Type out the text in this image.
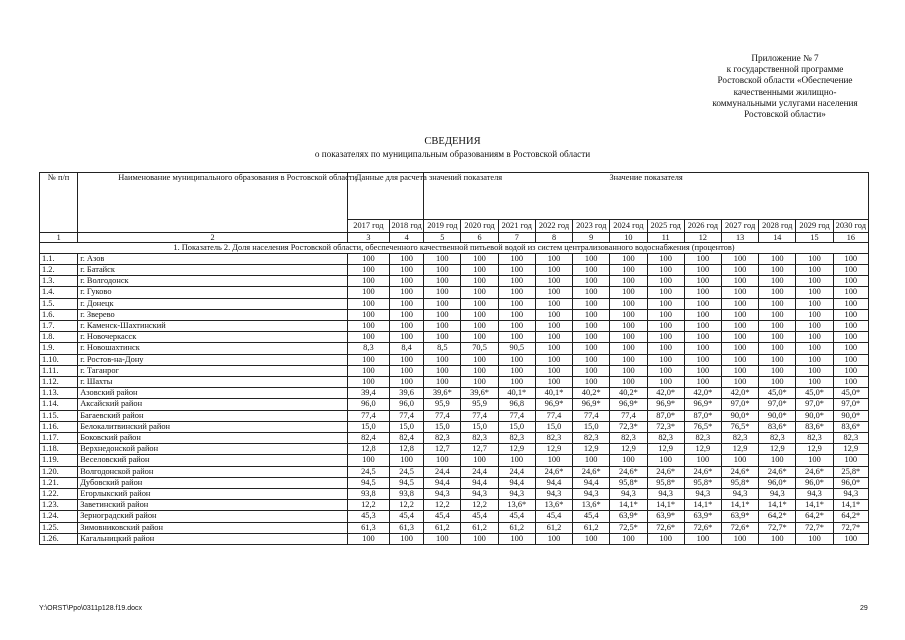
Приложение № 7
к государственной программе
Ростовской области «Обеспечение
качественными жилищно-
коммунальными услугами населения
Ростовской области»
СВЕДЕНИЯ
о показателях по муниципальным образованиям в Ростовской области
№ п/п	Наименование муниципального образования в Ростовской области	Данные для расчета значений показателя		Значение показателя											
		2017 год	2018 год	2019 год	2020 год	2021 год	2022 год	2023 год	2024 год	2025 год	2026 год	2027 год	2028 год	2029 год	2030 год
1	2	3	4	5	6	7	8	9	10	11	12	13	14	15	16
1. Показатель 2. Доля населения Ростовской области, обеспеченного качественной питьевой водой из систем централизованного водоснабжения (процентов)															
1.1.	г. Азов	100	100	100	100	100	100	100	100	100	100	100	100	100	100
1.2.	г. Батайск	100	100	100	100	100	100	100	100	100	100	100	100	100	100
1.3.	г. Волгодонск	100	100	100	100	100	100	100	100	100	100	100	100	100	100
1.4.	г. Гуково	100	100	100	100	100	100	100	100	100	100	100	100	100	100
1.5.	г. Донецк	100	100	100	100	100	100	100	100	100	100	100	100	100	100
1.6.	г. Зверево	100	100	100	100	100	100	100	100	100	100	100	100	100	100
1.7.	г. Каменск-Шахтинский	100	100	100	100	100	100	100	100	100	100	100	100	100	100
1.8.	г. Новочеркасск	100	100	100	100	100	100	100	100	100	100	100	100	100	100
1.9.	г. Новошахтинск	8,3	8,4	8,5	70,5	90,5	100	100	100	100	100	100	100	100	100
1.10.	г. Ростов-на-Дону	100	100	100	100	100	100	100	100	100	100	100	100	100	100
1.11.	г. Таганрог	100	100	100	100	100	100	100	100	100	100	100	100	100	100
1.12.	г. Шахты	100	100	100	100	100	100	100	100	100	100	100	100	100	100
1.13.	Азовский район	39,4	39,6	39,6*	39,6*	40,1*	40,1*	40,2*	40,2*	42,0*	42,0*	42,0*	45,0*	45,0*	45,0*
1.14.	Аксайский район	96,0	96,0	95,9	95,9	96,8	96,9*	96,9*	96,9*	96,9*	96,9*	97,0*	97,0*	97,0*	97,0*
1.15.	Багаевский район	77,4	77,4	77,4	77,4	77,4	77,4	77,4	77,4	87,0*	87,0*	90,0*	90,0*	90,0*	90,0*
1.16.	Белокалитвинский район	15,0	15,0	15,0	15,0	15,0	15,0	15,0	72,3*	72,3*	76,5*	76,5*	83,6*	83,6*	83,6*
1.17.	Боковский район	82,4	82,4	82,3	82,3	82,3	82,3	82,3	82,3	82,3	82,3	82,3	82,3	82,3	82,3
1.18.	Верхнедонской район	12,8	12,8	12,7	12,7	12,9	12,9	12,9	12,9	12,9	12,9	12,9	12,9	12,9	12,9
1.19.	Веселовский район	100	100	100	100	100	100	100	100	100	100	100	100	100	100
1.20.	Волгодонской район	24,5	24,5	24,4	24,4	24,4	24,6*	24,6*	24,6*	24,6*	24,6*	24,6*	24,6*	24,6*	25,8*
1.21.	Дубовский район	94,5	94,5	94,4	94,4	94,4	94,4	94,4	95,8*	95,8*	95,8*	95,8*	96,0*	96,0*	96,0*
1.22.	Егорлыкский район	93,8	93,8	94,3	94,3	94,3	94,3	94,3	94,3	94,3	94,3	94,3	94,3	94,3	94,3
1.23.	Заветинский район	12,2	12,2	12,2	12,2	13,6*	13,6*	13,6*	14,1*	14,1*	14,1*	14,1*	14,1*	14,1*	14,1*
1.24.	Зерноградский район	45,3	45,4	45,4	45,4	45,4	45,4	45,4	63,9*	63,9*	63,9*	63,9*	64,2*	64,2*	64,2*
1.25.	Зимовниковский район	61,3	61,3	61,2	61,2	61,2	61,2	61,2	72,5*	72,6*	72,6*	72,6*	72,7*	72,7*	72,7*
1.26.	Кагальницкий район	100	100	100	100	100	100	100	100	100	100	100	100	100	100
Y:\ORST\Ppo\0311p128.f19.docx	29
